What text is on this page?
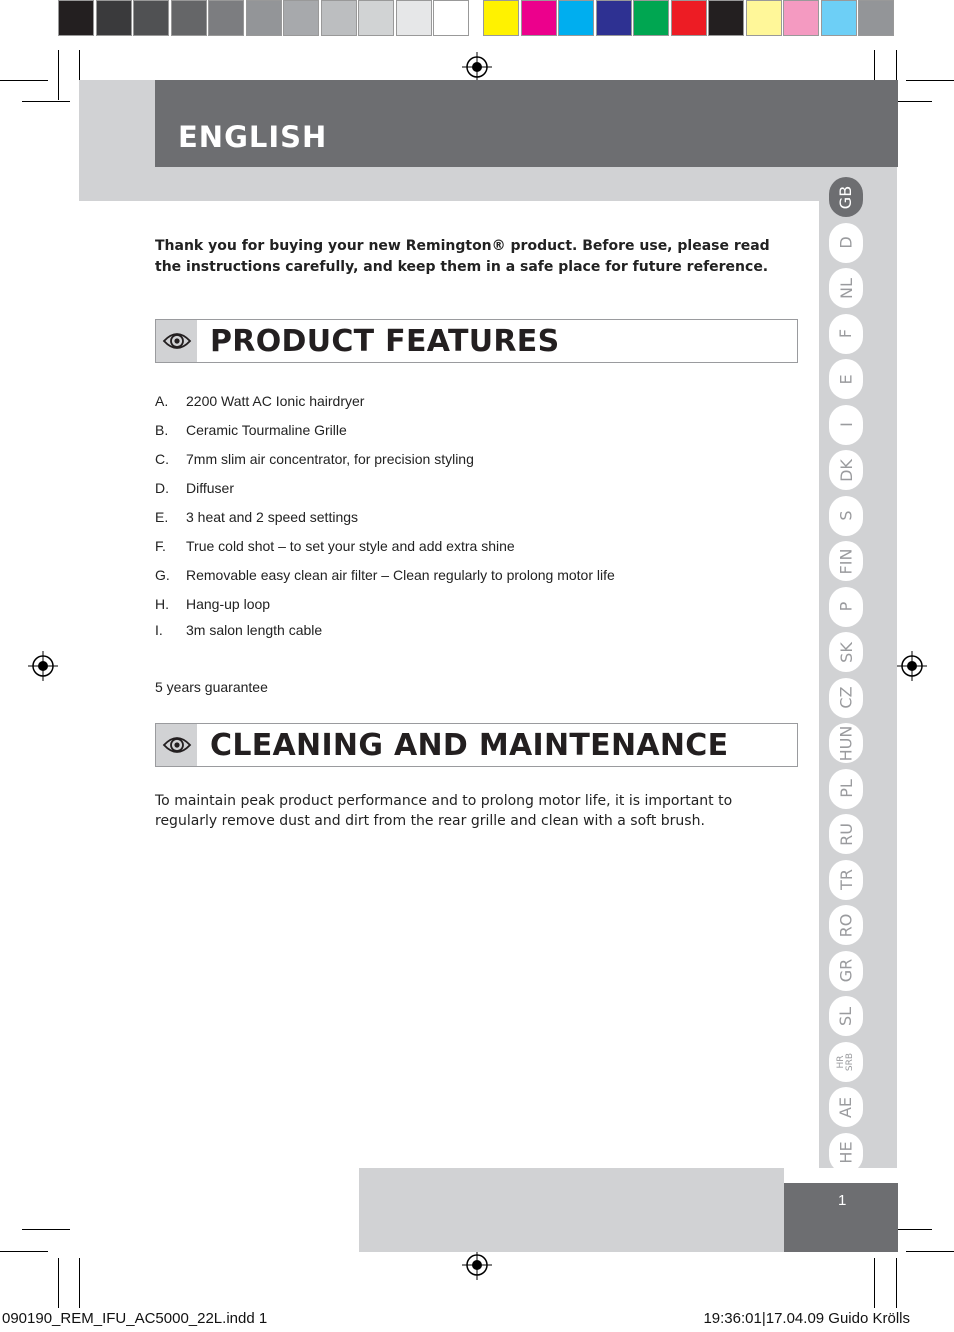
ENGLISH
GB
D
NL
F
E
I
DK
S
FIN
P
SK
CZ
HUN
PL
RU
TR
RO
GR
SL
HR
SRB
AE
HE
Thank you for buying your new Remington® product. Before use, please read the instructions carefully, and keep them in a safe place for future reference.
PRODUCT FEATURES
A. 2200 Watt AC Ionic hairdryer
B. Ceramic Tourmaline Grille
C. 7mm slim air concentrator, for precision styling
D. Diffuser
E. 3 heat and 2 speed settings
F. True cold shot – to set your style and add extra shine
G. Removable easy clean air filter – Clean regularly to prolong motor life
H. Hang-up loop
I. 3m salon length cable
5 years guarantee
CLEANING AND MAINTENANCE
To maintain peak product performance and to prolong motor life, it is important to regularly remove dust and dirt from the rear grille and clean with a soft brush.
1
090190_REM_IFU_AC5000_22L.indd 1	19:36:01|17.04.09 Guido Krölls
